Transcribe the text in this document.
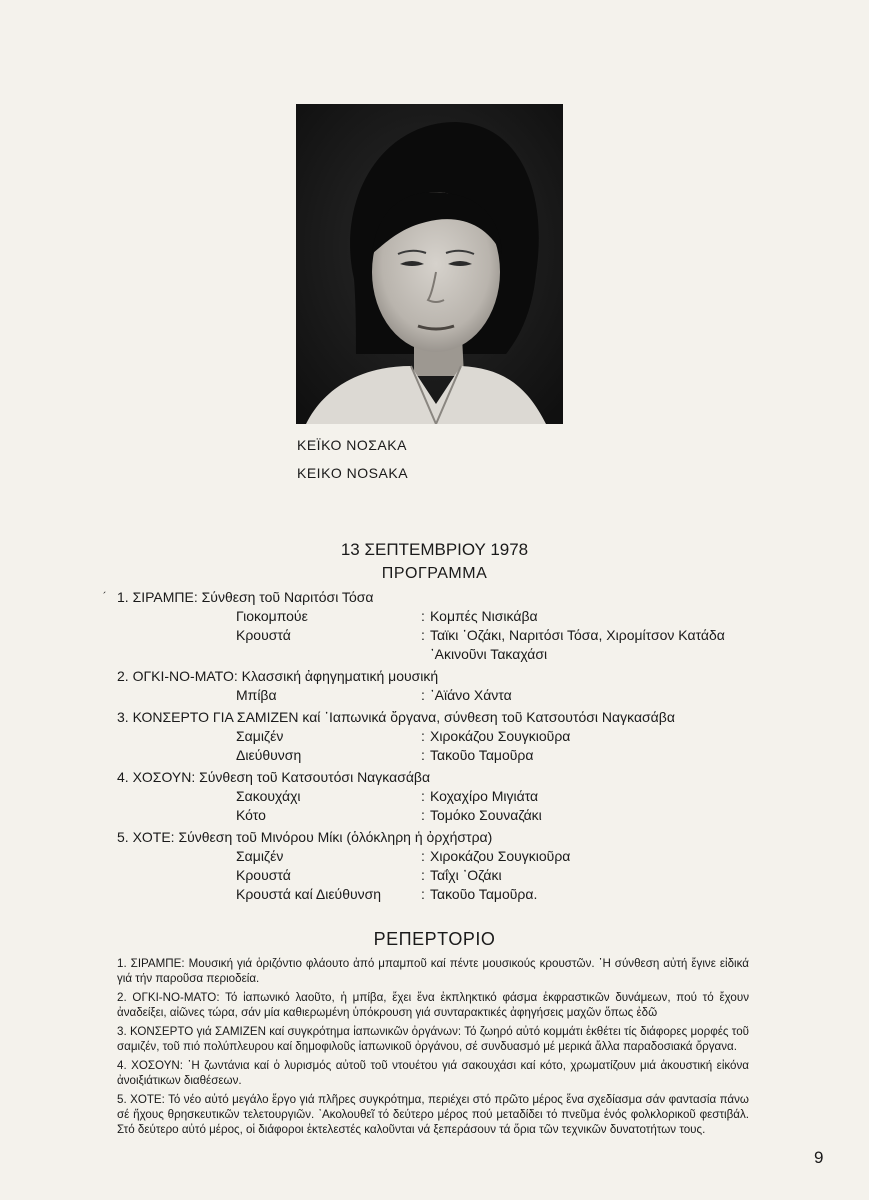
ΚΕΪΚΟ ΝΟΣΑΚΑ
KEIKO NOSAKA
13 ΣΕΠΤΕΜΒΡΙΟΥ 1978
ΠΡΟΓΡΑΜΜΑ
´ 1. ΣΙΡΑΜΠΕ: Σύνθεση τοῦ Ναριτόσι Τόσα
Γιοκομπούε	: Κομπές Νισικάβα
Κρουστά	: Ταϊκι ᾽Οζάκι, Ναριτόσι Τόσα, Χιρομίτσον Κατάδα
᾽Ακινοῦνι Τακαχάσι
2. ΟΓΚΙ-ΝΟ-ΜΑΤΟ: Κλασσική ἀφηγηματική μουσική
Μπίβα	: ᾽Αϊάνο Χάντα
3. ΚΟΝΣΕΡΤΟ ΓΙΑ ΣΑΜΙΖΕΝ καί ᾽Ιαπωνικά ὄργανα, σύνθεση τοῦ Κατσουτόσι Ναγκασάβα
Σαμιζέν	: Χιροκάζου Σουγκιοῦρα
Διεύθυνση	: Τακοῦο Ταμοῦρα
4. ΧΟΣΟΥΝ: Σύνθεση τοῦ Κατσουτόσι Ναγκασάβα
Σακουχάχι	: Κοχαχίρο Μιγιάτα
Κότο	: Τομόκο Σουναζάκι
5. ΧΟΤΕ: Σύνθεση τοῦ Μινόρου Μίκι (ὁλόκληρη ἡ ὀρχήστρα)
Σαμιζέν	: Χιροκάζου Σουγκιοῦρα
Κρουστά	: Ταΐχι ᾽Οζάκι
Κρουστά καί Διεύθυνση	: Τακοῦο Ταμοῦρα.
ΡΕΠΕΡΤΟΡΙΟ
1. ΣΙΡΑΜΠΕ: Μουσική γιά ὁριζόντιο φλάουτο ἀπό μπαμποῦ καί πέντε μουσικούς κρουστῶν. ῾Η σύνθεση αὐτή ἔγινε εἰδικά γιά τήν παροῦσα περιοδεία.
2. ΟΓΚΙ-ΝΟ-ΜΑΤΟ: Τό ἰαπωνικό λαοῦτο, ἡ μπίβα, ἔχει ἕνα ἐκπληκτικό φάσμα ἐκφραστικῶν δυνάμεων, πού τό ἔχουν ἀναδείξει, αἰῶνες τώρα, σάν μία καθιερωμένη ὑπόκρουση γιά συνταρακτικές ἀφηγήσεις μαχῶν ὅπως ἐδῶ
3. ΚΟΝΣΕΡΤΟ γιά ΣΑΜΙΖΕΝ καί συγκρότημα ἰαπωνικῶν ὀργάνων: Τό ζωηρό αὐτό κομμάτι ἐκθέτει τίς διάφορες μορφές τοῦ σαμιζέν, τοῦ πιό πολύπλευρου καί δημοφιλοῦς ἰαπωνικοῦ ὀργάνου, σέ συνδυασμό μέ μερικά ἄλλα παραδοσιακά ὄργανα.
4. ΧΟΣΟΥΝ: ῾Η ζωντάνια καί ὁ λυρισμός αὐτοῦ τοῦ ντουέτου γιά σακουχάσι καί κότο, χρωματίζουν μιά ἀκουστική εἰκόνα ἀνοιξιάτικων διαθέσεων.
5. ΧΟΤΕ: Τό νέο αὐτό μεγάλο ἔργο γιά πλῆρες συγκρότημα, περιέχει στό πρῶτο μέρος ἕνα σχεδίασμα σάν φαντασία πάνω σέ ἤχους θρησκευτικῶν τελετουργιῶν. ᾽Ακολουθεῖ τό δεύτερο μέρος πού μεταδίδει τό πνεῦμα ἑνός φολκλορικοῦ φεστιβάλ. Στό δεύτερο αὐτό μέρος, οἱ διάφοροι ἐκτελεστές καλοῦνται νά ξεπεράσουν τά ὅρια τῶν τεχνικῶν δυνατοτήτων τους.
9
